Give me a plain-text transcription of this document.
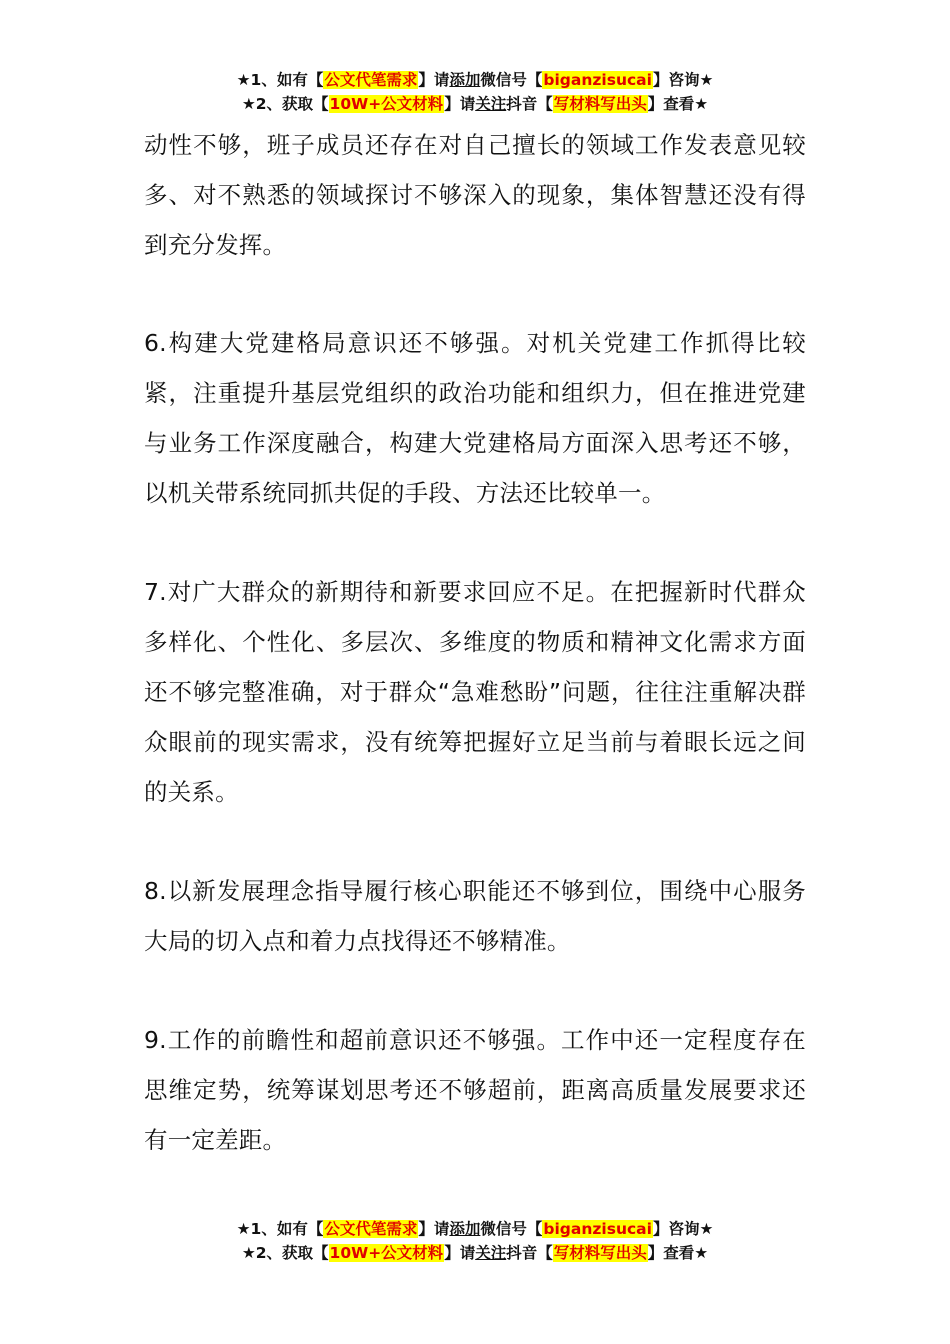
★1、如有【公文代笔需求】请添加微信号【biganzisucai】咨询★
★2、获取【10W+公文材料】请关注抖音【写材料写出头】查看★

动性不够，班子成员还存在对自己擅长的领域工作发表意见较多、对不熟悉的领域探讨不够深入的现象，集体智慧还没有得到充分发挥。

6.构建大党建格局意识还不够强。对机关党建工作抓得比较紧，注重提升基层党组织的政治功能和组织力，但在推进党建与业务工作深度融合，构建大党建格局方面深入思考还不够，以机关带系统同抓共促的手段、方法还比较单一。

7.对广大群众的新期待和新要求回应不足。在把握新时代群众多样化、个性化、多层次、多维度的物质和精神文化需求方面还不够完整准确，对于群众“急难愁盼”问题，往往注重解决群众眼前的现实需求，没有统筹把握好立足当前与着眼长远之间的关系。

8.以新发展理念指导履行核心职能还不够到位，围绕中心服务大局的切入点和着力点找得还不够精准。

9.工作的前瞻性和超前意识还不够强。工作中还一定程度存在思维定势，统筹谋划思考还不够超前，距离高质量发展要求还有一定差距。

★1、如有【公文代笔需求】请添加微信号【biganzisucai】咨询★
★2、获取【10W+公文材料】请关注抖音【写材料写出头】查看★
